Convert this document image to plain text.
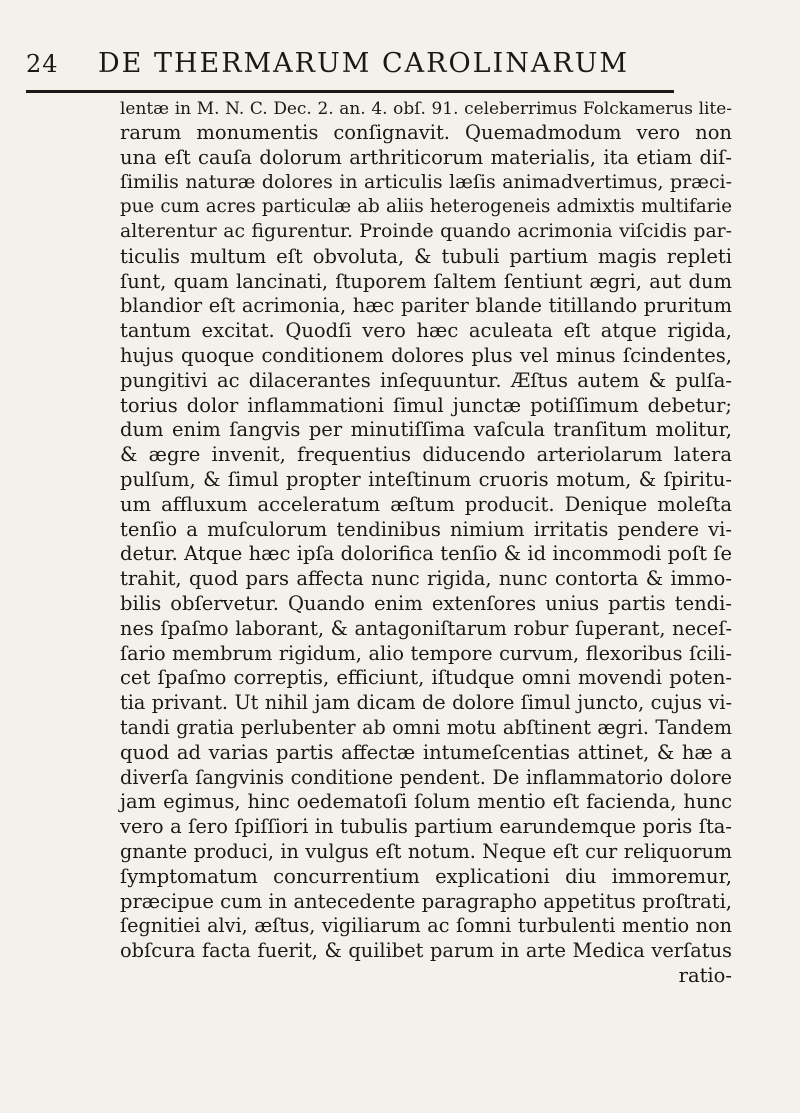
24 DE THERMARUM CAROLINARUM
lentæ in M. N. C. Dec. 2. an. 4. obſ. 91. celeberrimus Folckamerus lite-
rarum monumentis conſignavit. Quemadmodum vero non
una eſt cauſa dolorum arthriticorum materialis, ita etiam diſ-
ſimilis naturæ dolores in articulis læſis animadvertimus, præci-
pue cum acres particulæ ab aliis heterogeneis admixtis multifarie
alterentur ac figurentur. Proinde quando acrimonia viſcidis par-
ticulis multum eſt obvoluta, & tubuli partium magis repleti
ſunt, quam lancinati, ſtuporem ſaltem ſentiunt ægri, aut dum
blandior eſt acrimonia, hæc pariter blande titillando pruritum
tantum excitat. Quodſi vero hæc aculeata eſt atque rigida,
hujus quoque conditionem dolores plus vel minus ſcindentes,
pungitivi ac dilacerantes inſequuntur. Æſtus autem & pulſa-
torius dolor inflammationi ſimul junctæ potiſſimum debetur;
dum enim ſangvis per minutiſſima vaſcula tranſitum molitur,
& ægre invenit, frequentius diducendo arteriolarum latera
pulſum, & ſimul propter inteſtinum cruoris motum, & ſpiritu-
um affluxum acceleratum æſtum producit. Denique moleſta
tenſio a muſculorum tendinibus nimium irritatis pendere vi-
detur. Atque hæc ipſa dolorifica tenſio & id incommodi poſt ſe
trahit, quod pars affecta nunc rigida, nunc contorta & immo-
bilis obſervetur. Quando enim extenſores unius partis tendi-
nes ſpaſmo laborant, & antagoniſtarum robur ſuperant, neceſ-
ſario membrum rigidum, alio tempore curvum, flexoribus ſcili-
cet ſpaſmo correptis, efficiunt, iſtudque omni movendi poten-
tia privant. Ut nihil jam dicam de dolore ſimul juncto, cujus vi-
tandi gratia perlubenter ab omni motu abſtinent ægri. Tandem
quod ad varias partis affectæ intumeſcentias attinet, & hæ a
diverſa ſangvinis conditione pendent. De inflammatorio dolore
jam egimus, hinc oedematoſi ſolum mentio eſt facienda, hunc
vero a ſero ſpiſſiori in tubulis partium earundemque poris ſta-
gnante produci, in vulgus eſt notum. Neque eſt cur reliquorum
ſymptomatum concurrentium explicationi diu immoremur,
præcipue cum in antecedente paragrapho appetitus proſtrati,
ſegnitiei alvi, æſtus, vigiliarum ac ſomni turbulenti mentio non
obſcura facta fuerit, & quilibet parum in arte Medica verſatus
ratio-
